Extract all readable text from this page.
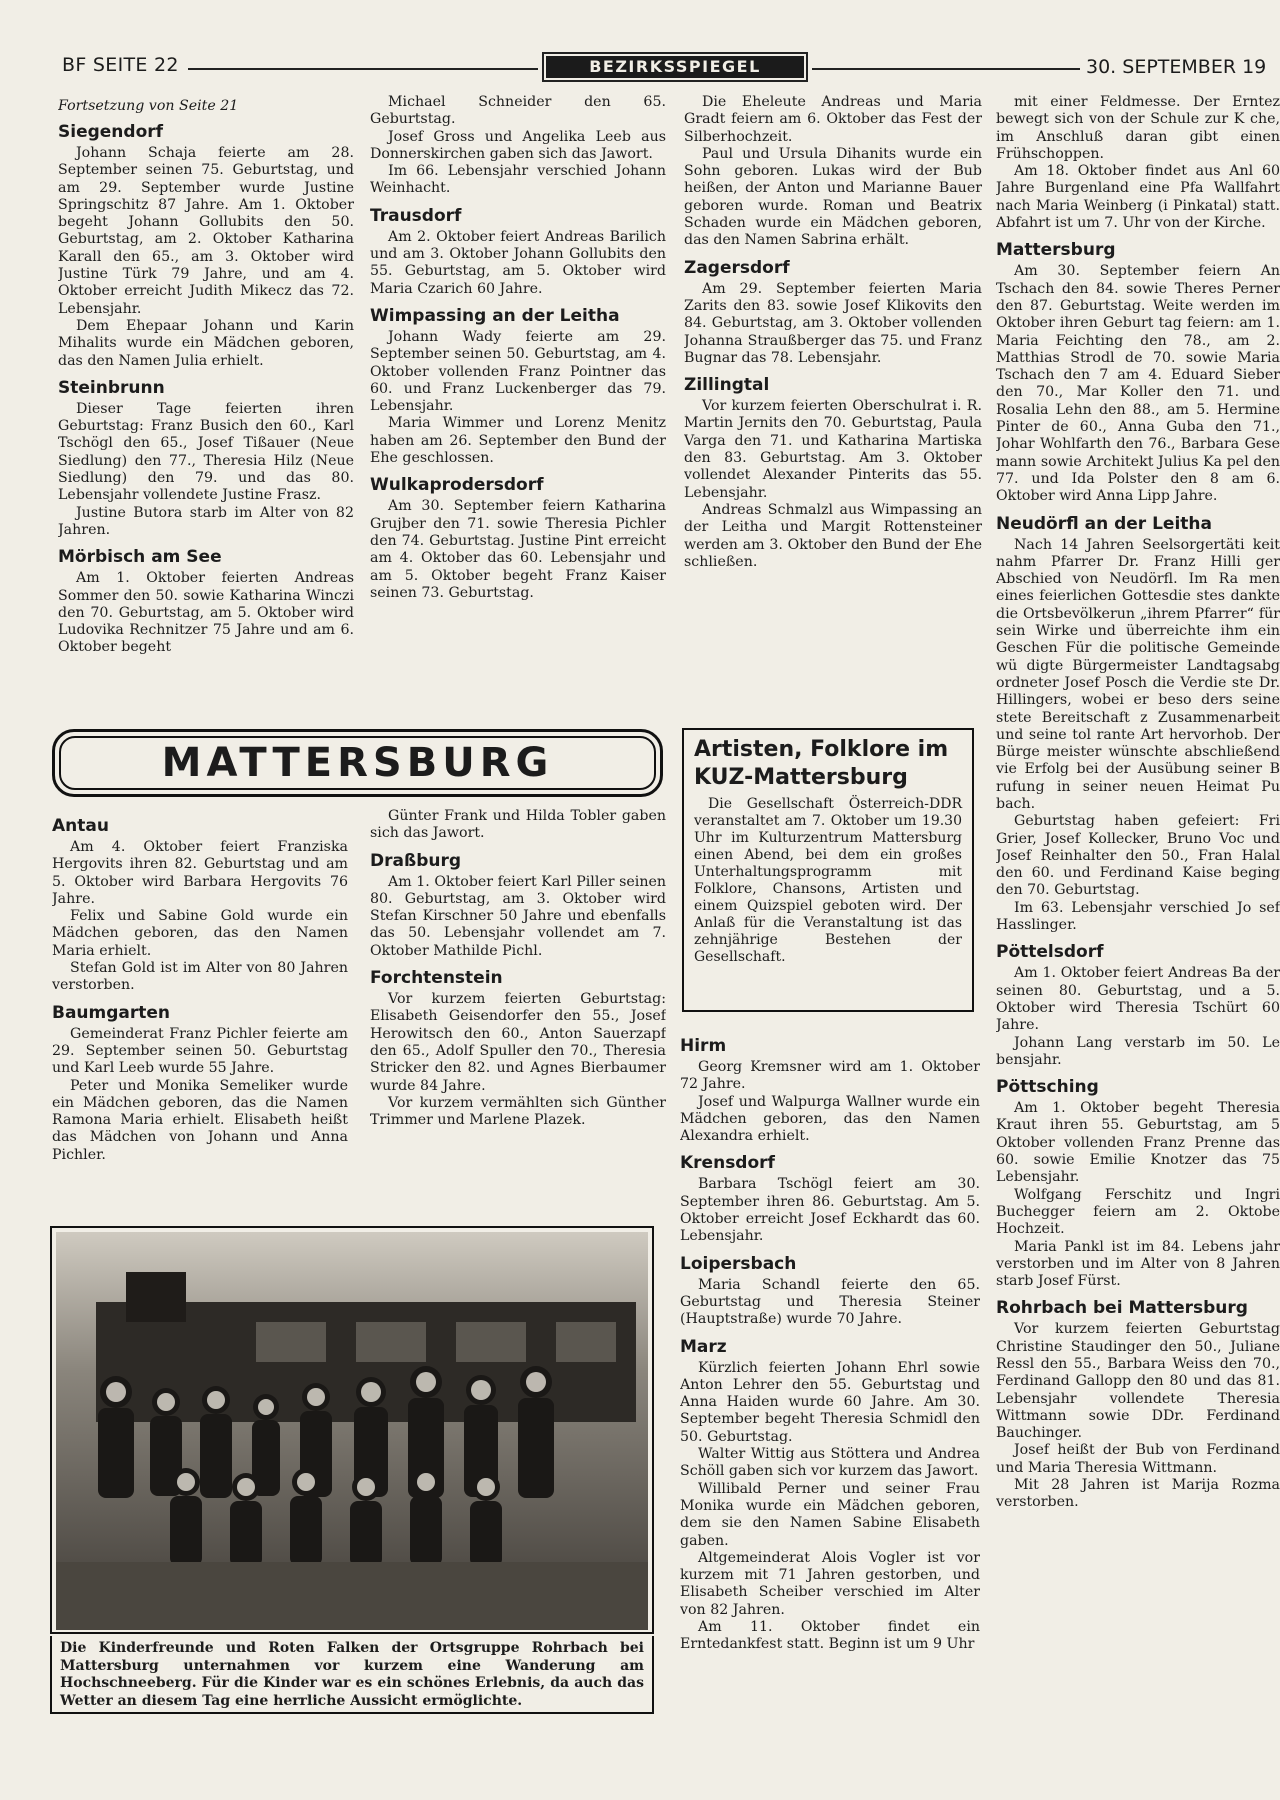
BF SEITE 22	BEZIRKSSPIEGEL	30. SEPTEMBER 19
Fortsetzung von Seite 21
Siegendorf

Johann Schaja feierte am 28. September seinen 75. Geburtstag, und am 29. September wurde Justine Springschitz 87 Jahre. Am 1. Oktober begeht Johann Gollubits den 50. Geburtstag, am 2. Oktober Katharina Karall den 65., am 3. Oktober wird Justine Türk 79 Jahre, und am 4. Oktober erreicht Judith Mikecz das 72. Lebensjahr.

Dem Ehepaar Johann und Karin Mihalits wurde ein Mädchen geboren, das den Namen Julia erhielt.

Steinbrunn

Dieser Tage feierten ihren Geburtstag: Franz Busich den 60., Karl Tschögl den 65., Josef Tißauer (Neue Siedlung) den 77., Theresia Hilz (Neue Siedlung) den 79. und das 80. Lebensjahr vollendete Justine Frasz.

Justine Butora starb im Alter von 82 Jahren.

Mörbisch am See

Am 1. Oktober feierten Andreas Sommer den 50. sowie Katharina Winczi den 70. Geburtstag, am 5. Oktober wird Ludovika Rechnitzer 75 Jahre und am 6. Oktober begeht

Michael Schneider den 65. Geburtstag.

Josef Gross und Angelika Leeb aus Donnerskirchen gaben sich das Jawort.

Im 66. Lebensjahr verschied Johann Weinhacht.

Trausdorf

Am 2. Oktober feiert Andreas Barilich und am 3. Oktober Johann Gollubits den 55. Geburtstag, am 5. Oktober wird Maria Czarich 60 Jahre.

Wimpassing an der Leitha

Johann Wady feierte am 29. September seinen 50. Geburtstag, am 4. Oktober vollenden Franz Pointner das 60. und Franz Luckenberger das 79. Lebensjahr.

Maria Wimmer und Lorenz Menitz haben am 26. September den Bund der Ehe geschlossen.

Wulkaprodersdorf

Am 30. September feiern Katharina Grujber den 71. sowie Theresia Pichler den 74. Geburtstag. Justine Pint erreicht am 4. Oktober das 60. Lebensjahr und am 5. Oktober begeht Franz Kaiser seinen 73. Geburtstag.

Die Eheleute Andreas und Maria Gradt feiern am 6. Oktober das Fest der Silberhochzeit.

Paul und Ursula Dihanits wurde ein Sohn geboren. Lukas wird der Bub heißen, der Anton und Marianne Bauer geboren wurde. Roman und Beatrix Schaden wurde ein Mädchen geboren, das den Namen Sabrina erhält.

Zagersdorf

Am 29. September feierten Maria Zarits den 83. sowie Josef Klikovits den 84. Geburtstag, am 3. Oktober vollenden Johanna Straußberger das 75. und Franz Bugnar das 78. Lebensjahr.

Zillingtal

Vor kurzem feierten Oberschulrat i. R. Martin Jernits den 70. Geburtstag, Paula Varga den 71. und Katharina Martiska den 83. Geburtstag. Am 3. Oktober vollendet Alexander Pinterits das 55. Lebensjahr.

Andreas Schmalzl aus Wimpassing an der Leitha und Margit Rottensteiner werden am 3. Oktober den Bund der Ehe schließen.

mit einer Feldmesse. Der Erntez bewegt sich von der Schule zur K che, im Anschluß daran gibt einen Frühschoppen.

Am 18. Oktober findet aus Anl 60 Jahre Burgenland eine Pfa Wallfahrt nach Maria Weinberg (i Pinkatal) statt. Abfahrt ist um 7. Uhr von der Kirche.

Mattersburg

Am 30. September feiern An Tschach den 84. sowie Theres Perner den 87. Geburtstag. Weite werden im Oktober ihren Geburt tag feiern: am 1. Maria Feichting den 78., am 2. Matthias Strodl de 70. sowie Maria Tschach den 7 am 4. Eduard Sieber den 70., Mar Koller den 71. und Rosalia Lehn den 88., am 5. Hermine Pinter de 60., Anna Guba den 71., Johar Wohlfarth den 76., Barbara Gese mann sowie Architekt Julius Ka pel den 77. und Ida Polster den 8 am 6. Oktober wird Anna Lipp Jahre.

Neudörfl an der Leitha

Nach 14 Jahren Seelsorgertäti keit nahm Pfarrer Dr. Franz Hilli ger Abschied von Neudörfl. Im Ra men eines feierlichen Gottesdie stes dankte die Ortsbevölkerun „ihrem Pfarrer“ für sein Wirke und überreichte ihm ein Geschen Für die politische Gemeinde wü digte Bürgermeister Landtagsabg ordneter Josef Posch die Verdie ste Dr. Hillingers, wobei er beso ders seine stete Bereitschaft z Zusammenarbeit und seine tol rante Art hervorhob. Der Bürge meister wünschte abschließend vie Erfolg bei der Ausübung seiner B rufung in seiner neuen Heimat Pu bach.

Geburtstag haben gefeiert: Fri Grier, Josef Kollecker, Bruno Voc und Josef Reinhalter den 50., Fran Halal den 60. und Ferdinand Kaise beging den 70. Geburtstag.

Im 63. Lebensjahr verschied Jo sef Hasslinger.

Pöttelsdorf

Am 1. Oktober feiert Andreas Ba der seinen 80. Geburtstag, und a 5. Oktober wird Theresia Tschürt 60 Jahre.

Johann Lang verstarb im 50. Le bensjahr.

Pöttsching

Am 1. Oktober begeht Theresia Kraut ihren 55. Geburtstag, am 5 Oktober vollenden Franz Prenne das 60. sowie Emilie Knotzer das 75 Lebensjahr.

Wolfgang Ferschitz und Ingri Buchegger feiern am 2. Oktobe Hochzeit.

Maria Pankl ist im 84. Lebens jahr verstorben und im Alter von 8 Jahren starb Josef Fürst.

Rohrbach bei Mattersburg

Vor kurzem feierten Geburtstag Christine Staudinger den 50., Juliane Ressl den 55., Barbara Weiss den 70., Ferdinand Gallopp den 80 und das 81. Lebensjahr vollendete Theresia Wittmann sowie DDr. Ferdinand Bauchinger.

Josef heißt der Bub von Ferdinand und Maria Theresia Wittmann.

Mit 28 Jahren ist Marija Rozma verstorben.

MATTERSBURG	Artisten, Folklore im KUZ-Mattersburg

Die Gesellschaft Österreich-DDR veranstaltet am 7. Oktober um 19.30 Uhr im Kulturzentrum Mattersburg einen Abend, bei dem ein großes Unterhaltungsprogramm mit Folklore, Chansons, Artisten und einem Quizspiel geboten wird. Der Anlaß für die Veranstaltung ist das zehnjährige Bestehen der Gesellschaft.

Antau

Am 4. Oktober feiert Franziska Hergovits ihren 82. Geburtstag und am 5. Oktober wird Barbara Hergovits 76 Jahre.

Felix und Sabine Gold wurde ein Mädchen geboren, das den Namen Maria erhielt.

Stefan Gold ist im Alter von 80 Jahren verstorben.

Baumgarten

Gemeinderat Franz Pichler feierte am 29. September seinen 50. Geburtstag und Karl Leeb wurde 55 Jahre.

Peter und Monika Semeliker wurde ein Mädchen geboren, das die Namen Ramona Maria erhielt. Elisabeth heißt das Mädchen von Johann und Anna Pichler.

Günter Frank und Hilda Tobler gaben sich das Jawort.

Draßburg

Am 1. Oktober feiert Karl Piller seinen 80. Geburtstag, am 3. Oktober wird Stefan Kirschner 50 Jahre und ebenfalls das 50. Lebensjahr vollendet am 7. Oktober Mathilde Pichl.

Forchtenstein

Vor kurzem feierten Geburtstag: Elisabeth Geisendorfer den 55., Josef Herowitsch den 60., Anton Sauerzapf den 65., Adolf Spuller den 70., Theresia Stricker den 82. und Agnes Bierbaumer wurde 84 Jahre.

Vor kurzem vermählten sich Günther Trimmer und Marlene Plazek.

Hirm

Georg Kremsner wird am 1. Oktober 72 Jahre.

Josef und Walpurga Wallner wurde ein Mädchen geboren, das den Namen Alexandra erhielt.

Krensdorf

Barbara Tschögl feiert am 30. September ihren 86. Geburtstag. Am 5. Oktober erreicht Josef Eckhardt das 60. Lebensjahr.

Loipersbach

Maria Schandl feierte den 65. Geburtstag und Theresia Steiner (Hauptstraße) wurde 70 Jahre.

Marz

Kürzlich feierten Johann Ehrl sowie Anton Lehrer den 55. Geburtstag und Anna Haiden wurde 60 Jahre. Am 30. September begeht Theresia Schmidl den 50. Geburtstag.

Walter Wittig aus Stöttera und Andrea Schöll gaben sich vor kurzem das Jawort.

Willibald Perner und seiner Frau Monika wurde ein Mädchen geboren, dem sie den Namen Sabine Elisabeth gaben.

Altgemeinderat Alois Vogler ist vor kurzem mit 71 Jahren gestorben, und Elisabeth Scheiber verschied im Alter von 82 Jahren.

Am 11. Oktober findet ein Erntedankfest statt. Beginn ist um 9 Uhr

Die Kinderfreunde und Roten Falken der Ortsgruppe Rohrbach bei Mattersburg unternahmen vor kurzem eine Wanderung am Hochschneeberg. Für die Kinder war es ein schönes Erlebnis, da auch das Wetter an diesem Tag eine herrliche Aussicht ermöglichte.
